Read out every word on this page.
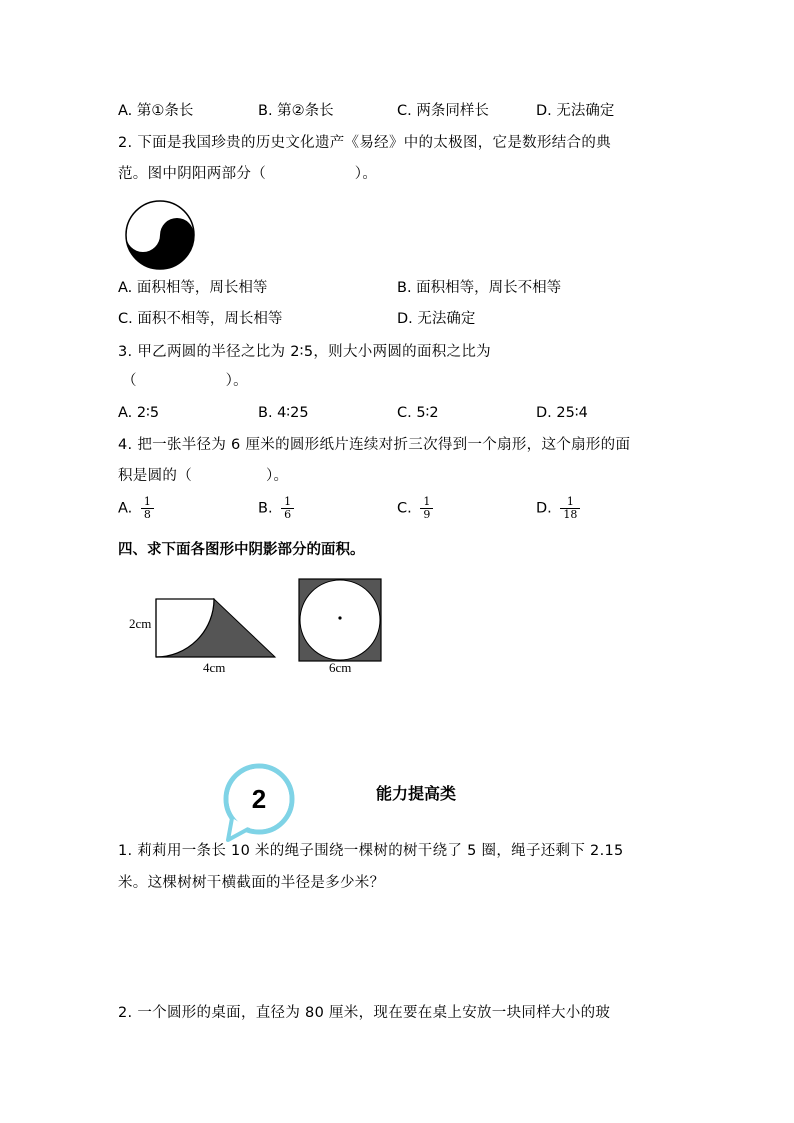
A. 第①条长	B. 第②条长	C. 两条同样长	D. 无法确定
2. 下面是我国珍贵的历史文化遗产《易经》中的太极图，它是数形结合的典
范。图中阴阳两部分（　　　　　　）。
A. 面积相等，周长相等	B. 面积相等，周长不相等
C. 面积不相等，周长相等	D. 无法确定
3. 甲乙两圆的半径之比为 2∶5，则大小两圆的面积之比为
（　　　　　　）。
A. 2∶5	B. 4∶25	C. 5∶2	D. 25∶4
4. 把一张半径为 6 厘米的圆形纸片连续对折三次得到一个扇形，这个扇形的面
积是圆的（　　　　　）。
A. $\frac{1}{8}$	B. $\frac{1}{6}$	C. $\frac{1}{9}$	D. $\frac{1}{18}$
四、求下面各图形中阴影部分的面积。
2cm
4cm	6cm
2	能力提高类
1. 莉莉用一条长 10 米的绳子围绕一棵树的树干绕了 5 圈，绳子还剩下 2.15
米。这棵树树干横截面的半径是多少米？
2. 一个圆形的桌面，直径为 80 厘米，现在要在桌上安放一块同样大小的玻
